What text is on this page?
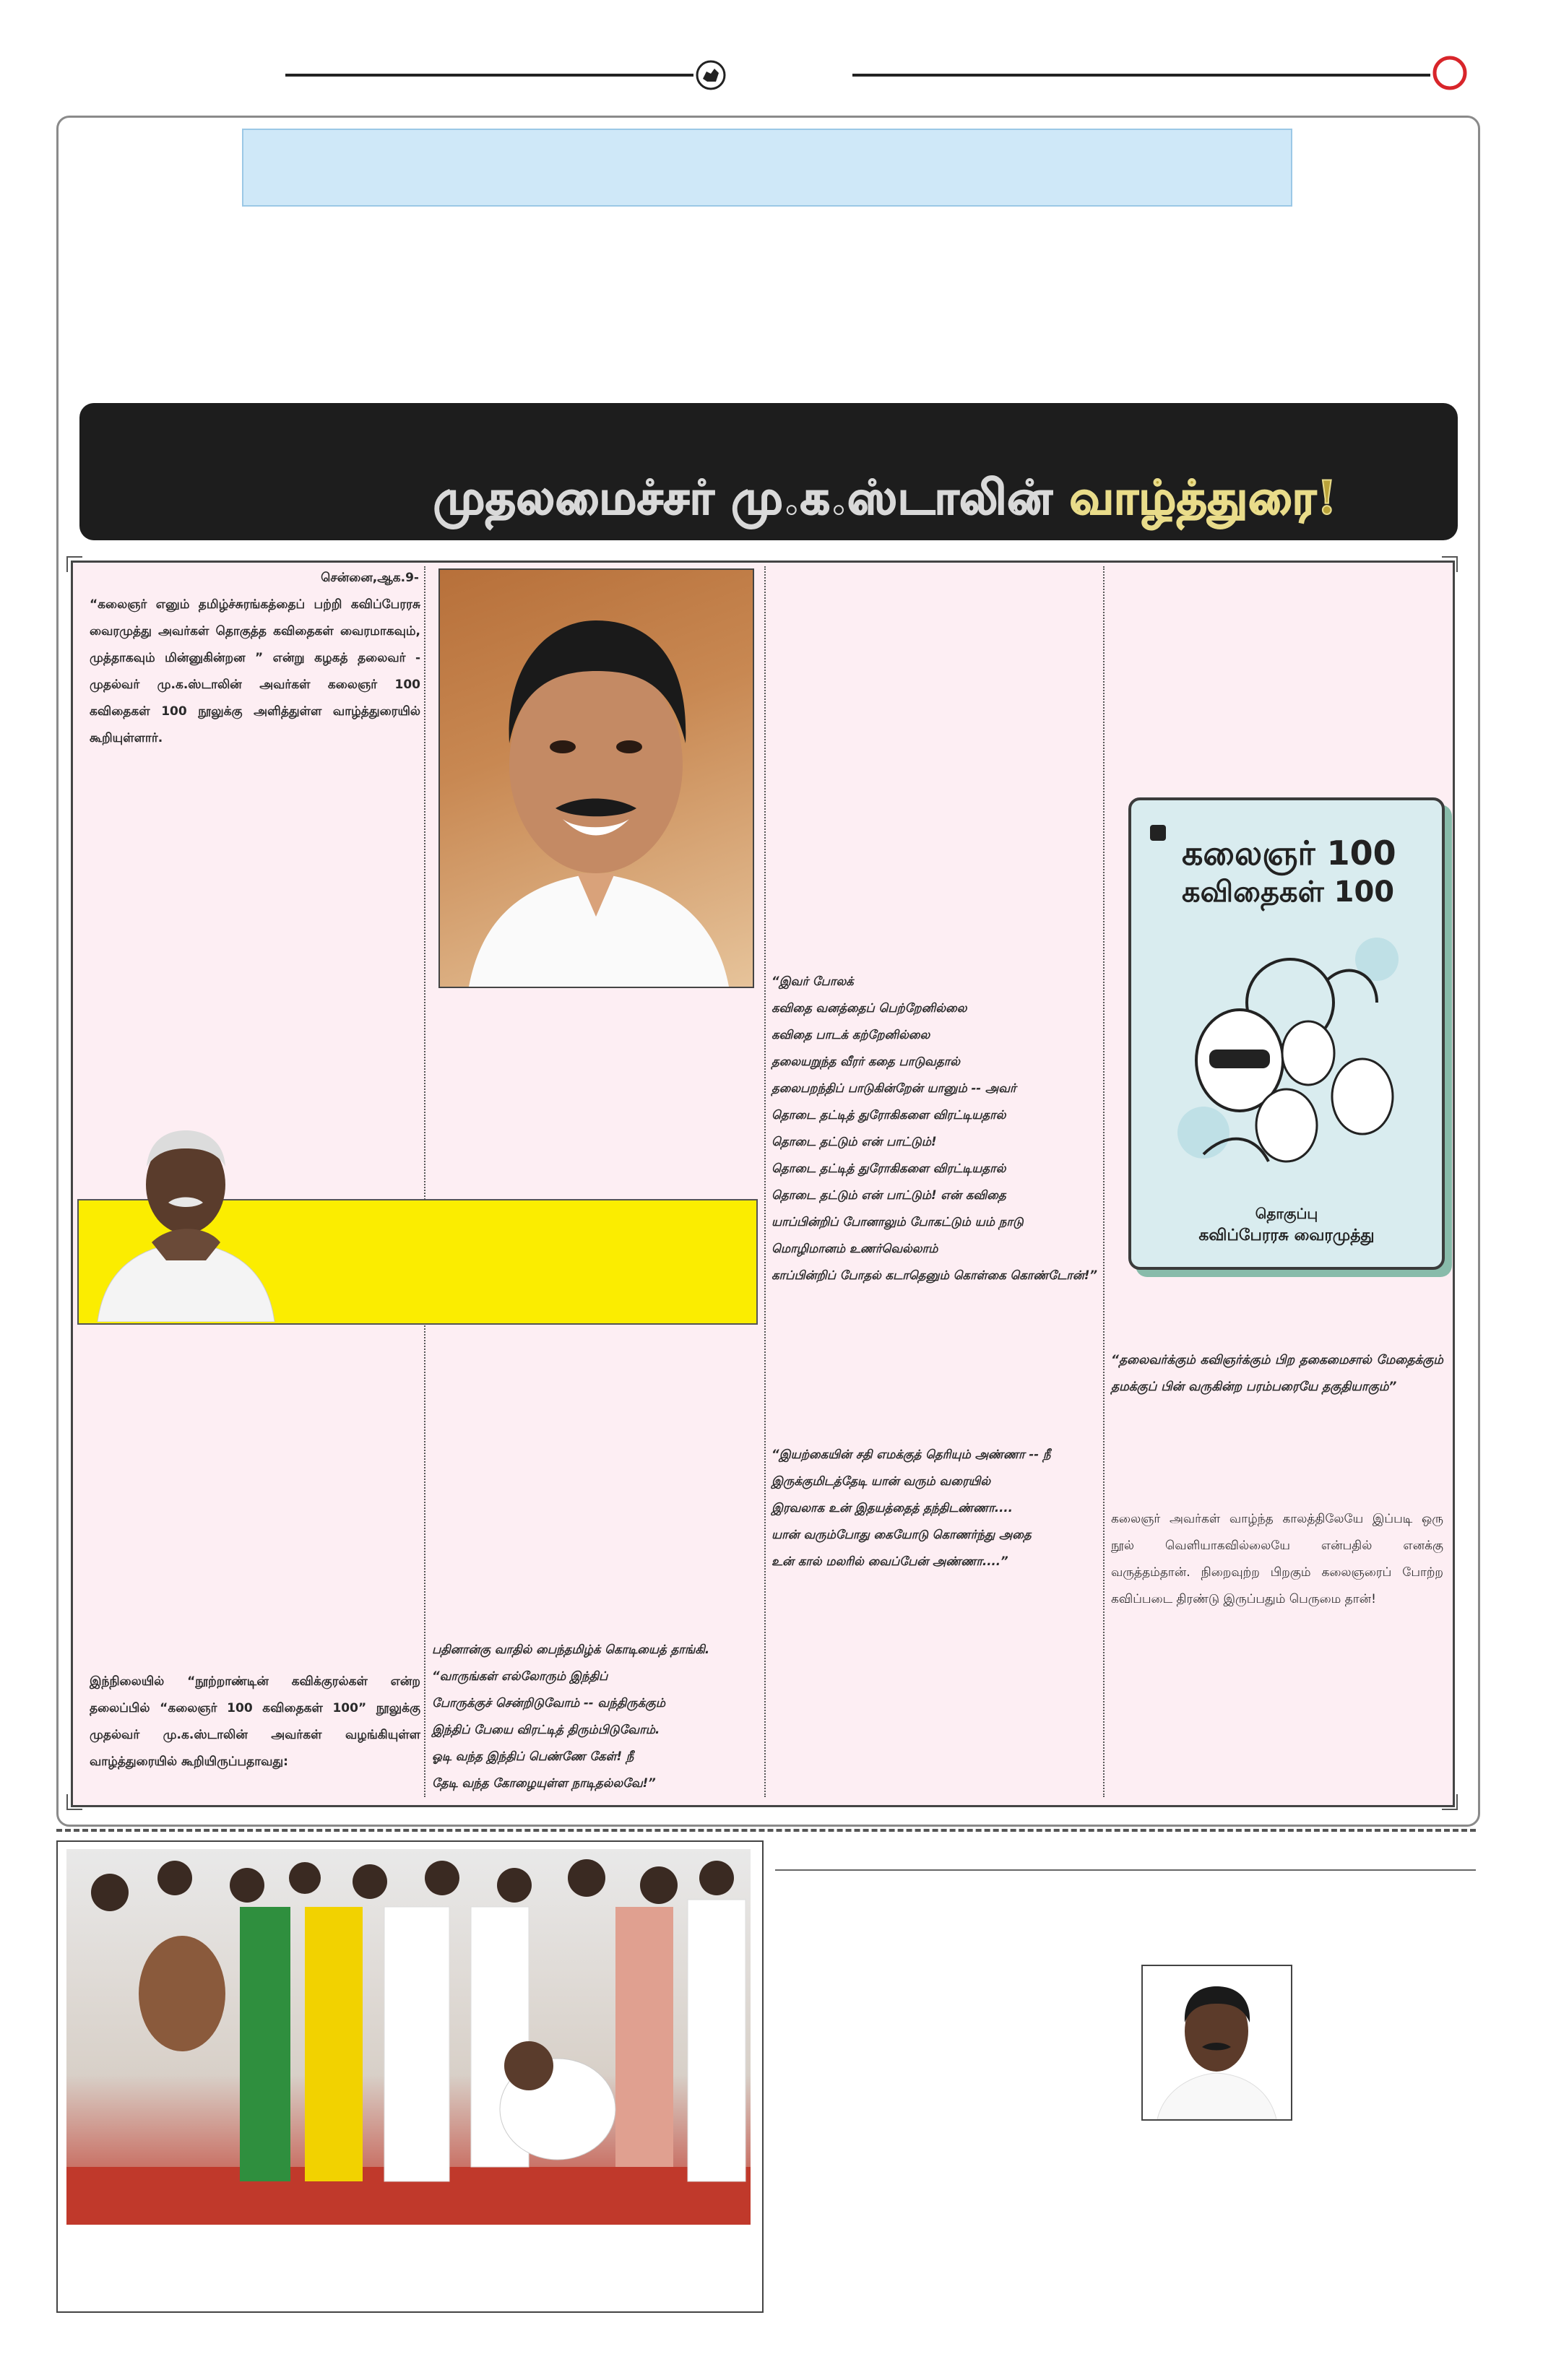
முதலமைச்சர் மு.க.ஸ்டாலின் வாழ்த்துரை!
சென்னை,ஆக.9-
“கலைஞர் எனும் தமிழ்ச்சுரங்கத்தைப் பற்றி கவிப்பேரரசு வைரமுத்து அவர்கள் தொகுத்த கவிதைகள் வைரமாகவும், முத்தாகவும் மின்னுகின்றன ” என்று கழகத் தலைவர் - முதல்வர் மு.க.ஸ்டாலின் அவர்கள் கலைஞர் 100 கவிதைகள் 100 நூலுக்கு அளித்துள்ள வாழ்த்துரையில் கூறியுள்ளார்.
இந்நிலையில் “நூற்றாண்டின் கவிக்குரல்கள் என்ற தலைப்பில் “கலைஞர் 100 கவிதைகள் 100” நூலுக்கு முதல்வர் மு.க.ஸ்டாலின் அவர்கள் வழங்கியுள்ள வாழ்த்துரையில் கூறியிருப்பதாவது:
பதினான்கு வாதில் பைந்தமிழ்க் கொடியைத் தாங்கி.
“வாருங்கள் எல்லோரும் இந்திப்
போருக்குச் சென்றிடுவோம் -- வந்திருக்கும்
இந்திப் பேயை விரட்டித் திரும்பிடுவோம்.
ஓடி வந்த இந்திப் பெண்ணே கேள்! நீ
தேடி வந்த கோழையுள்ள நாடிதல்லவே!”
“இவர் போலக்
கவிதை வனத்தைப் பெற்றேனில்லை
கவிதை பாடக் கற்றேனில்லை
தலையறுந்த வீரர் கதை பாடுவதால்
தலைபறந்திப் பாடுகின்றேன் யானும் -- அவர்
தொடை தட்டித் துரோகிகளை விரட்டியதால்
தொடை தட்டும் என் பாட்டும்!
தொடை தட்டித் துரோகிகளை விரட்டியதால்
தொடை தட்டும் என் பாட்டும்! என் கவிதை
யாப்பின்றிப் போனாலும் போகட்டும் யம் நாடு
மொழிமானம் உணர்வெல்லாம்
காப்பின்றிப் போதல் கடாதெனும் கொள்கை கொண்டோன்!”
“இயற்கையின் சதி எமக்குத் தெரியும் அண்ணா -- நீ
இருக்குமிடத்தேடி யான் வரும் வரையில்
இரவலாக உன் இதயத்தைத் தந்திடண்ணா....
யான் வரும்போது கையோடு கொணர்ந்து அதை
உன் கால் மலரில் வைப்பேன் அண்ணா....”
கலைஞர் 100
கவிதைகள் 100
தொகுப்பு
கவிப்பேரரசு வைரமுத்து
“தலைவர்க்கும் கவிஞர்க்கும் பிற தகைமைசால் மேதைக்கும் தமக்குப் பின் வருகின்ற பரம்பரையே தகுதியாகும்”
கலைஞர் அவர்கள் வாழ்ந்த காலத்திலேயே இப்படி ஒரு நூல் வெளியாகவில்லையே என்பதில் எனக்கு வருத்தம்தான். நிறைவுற்ற பிறகும் கலைஞரைப் போற்ற கவிப்படை திரண்டு இருப்பதும் பெருமை தான்!
